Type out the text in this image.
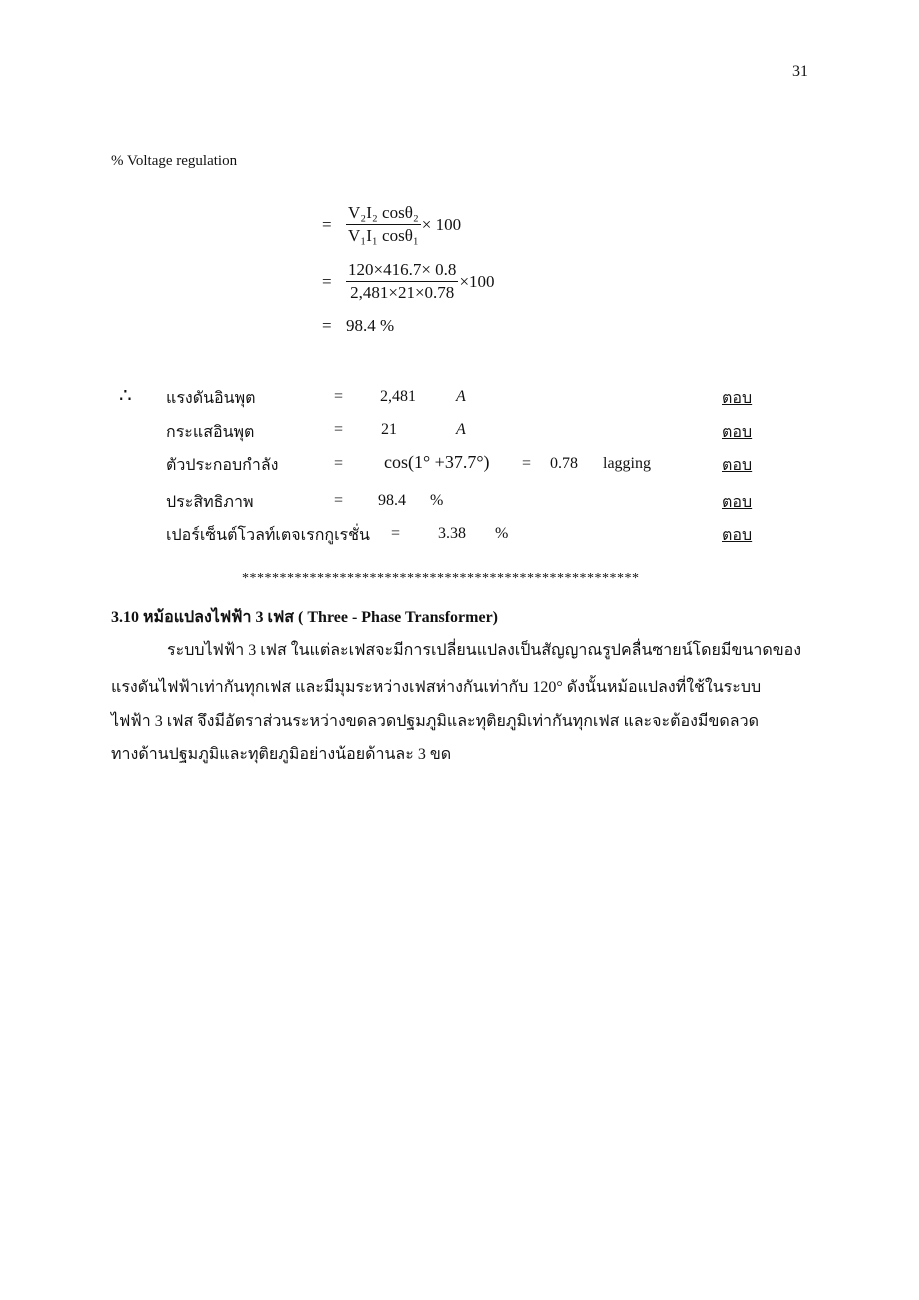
31
% Voltage regulation
= $\frac{\text{V₂I₂ cosθ₂}}{\text{V₁I₁ cosθ₁}} \times 100$
= $\frac{120\times 416.7\times 0.8}{2,481\times 21\times 0.78} \times 100$
= 98.4 %
∴ แรงดันอินพุต	= 2,481	A	ตอบ
กระแสอินพุต	= 21	A	ตอบ
ตัวประกอบกำลัง	= cos(1° +37.7°) = 0.78 lagging	ตอบ
ประสิทธิภาพ	= 98.4 %	ตอบ
เปอร์เซ็นต์โวลท์เตจเรกกูเรชั่น = 3.38 %	ตอบ
*****************************************************
3.10 หม้อแปลงไฟฟ้า 3 เฟส ( Three - Phase Transformer)
ระบบไฟฟ้า 3 เฟส ในแต่ละเฟสจะมีการเปลี่ยนแปลงเป็นสัญญาณรูปคลื่นซายน์โดยมีขนาดของ
แรงดันไฟฟ้าเท่ากันทุกเฟส และมีมุมระหว่างเฟสห่างกันเท่ากับ 120° ดังนั้นหม้อแปลงที่ใช้ในระบบ
ไฟฟ้า 3 เฟส จึงมีอัตราส่วนระหว่างขดลวดปฐมภูมิและทุติยภูมิเท่ากันทุกเฟส และจะต้องมีขดลวด
ทางด้านปฐมภูมิและทุติยภูมิอย่างน้อยด้านละ 3 ขด
